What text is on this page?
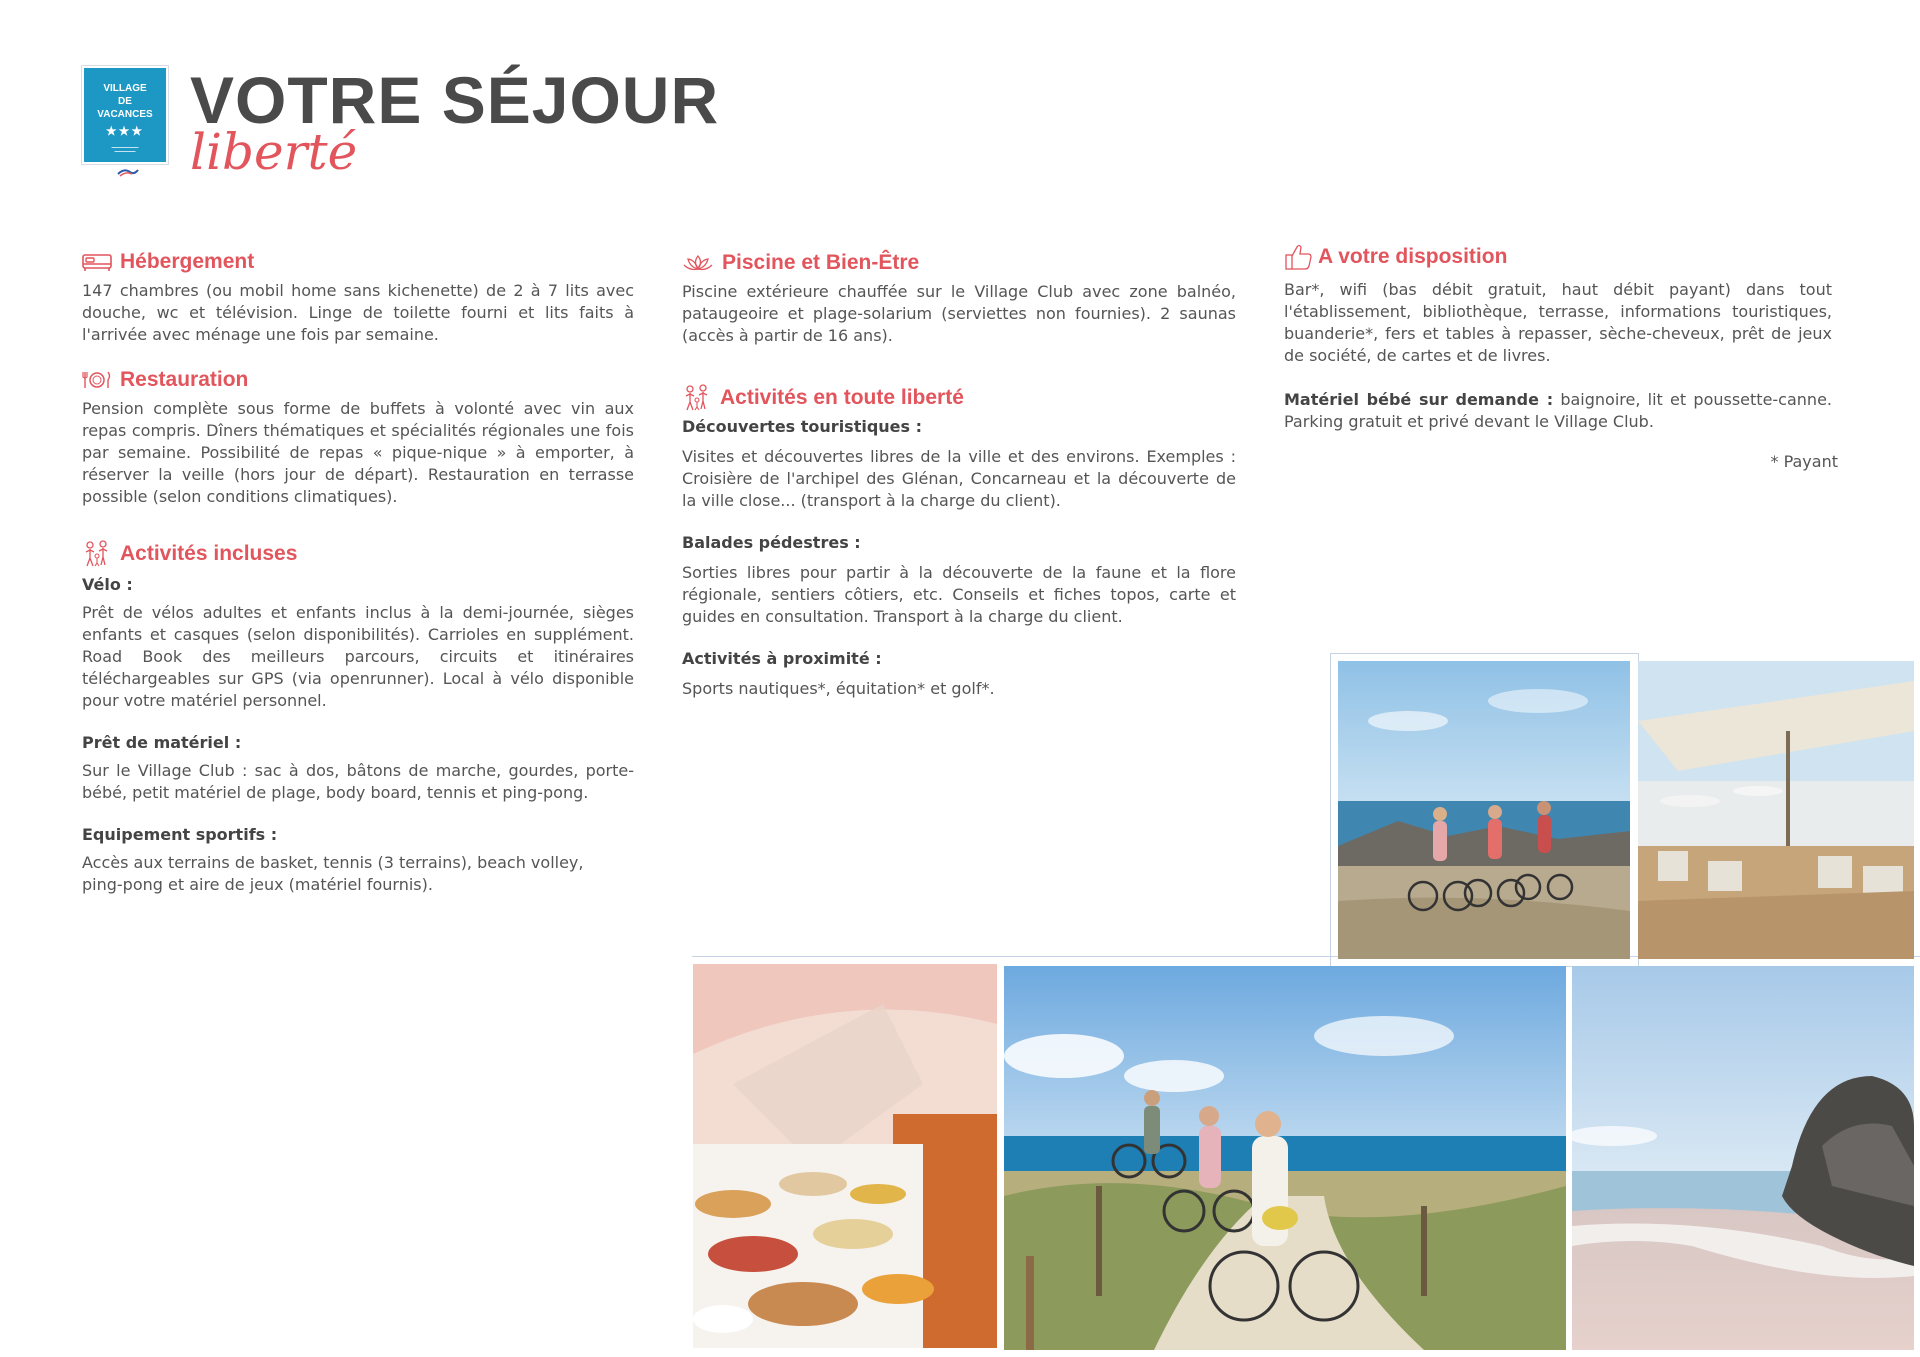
VILLAGE
DE
VACANCES
★★★
▬▬▬▬▬▬▬▬▬
▬▬▬▬▬▬▬
VOTRE SÉJOUR
liberté
Hébergement

147 chambres (ou mobil home sans kichenette) de 2 à 7 lits avec douche, wc et télévision. Linge de toilette fourni et lits faits à l'arrivée avec ménage une fois par semaine.

Restauration

Pension complète sous forme de buffets à volonté avec vin aux repas compris. Dîners thématiques et spécialités régionales une fois par semaine. Possibilité de repas « pique-nique » à emporter, à réserver la veille (hors jour de départ). Restauration en terrasse possible (selon conditions climatiques).

Activités incluses

Vélo :

Prêt de vélos adultes et enfants inclus à la demi-journée, sièges enfants et casques (selon disponibilités). Carrioles en supplément. Road Book des meilleurs parcours, circuits et itinéraires téléchargeables sur GPS (via openrunner). Local à vélo disponible pour votre matériel personnel.

Prêt de matériel :

Sur le Village Club : sac à dos, bâtons de marche, gourdes, porte-bébé, petit matériel de plage, body board, tennis et ping-pong.

Equipement sportifs :

Accès aux terrains de basket, tennis (3 terrains), beach volley, ping-pong et aire de jeux (matériel fournis).

Piscine et Bien-Être

Piscine extérieure chauffée sur le Village Club avec zone balnéo, pataugeoire et plage-solarium (serviettes non fournies). 2 saunas (accès à partir de 16 ans).

Activités en toute liberté

Découvertes touristiques :

Visites et découvertes libres de la ville et des environs. Exemples : Croisière de l'archipel des Glénan, Concarneau et la découverte de la ville close... (transport à la charge du client).

Balades pédestres :

Sorties libres pour partir à la découverte de la faune et la flore régionale, sentiers côtiers, etc. Conseils et fiches topos, carte et guides en consultation. Transport à la charge du client.

Activités à proximité :

Sports nautiques*, équitation* et golf*.

A votre disposition

Bar*, wifi (bas débit gratuit, haut débit payant) dans tout l'établissement, bibliothèque, terrasse, informations touristiques, buanderie*, fers et tables à repasser, sèche-cheveux, prêt de jeux de société, de cartes et de livres.

Matériel bébé sur demande : baignoire, lit et poussette-canne. Parking gratuit et privé devant le Village Club.

* Payant
